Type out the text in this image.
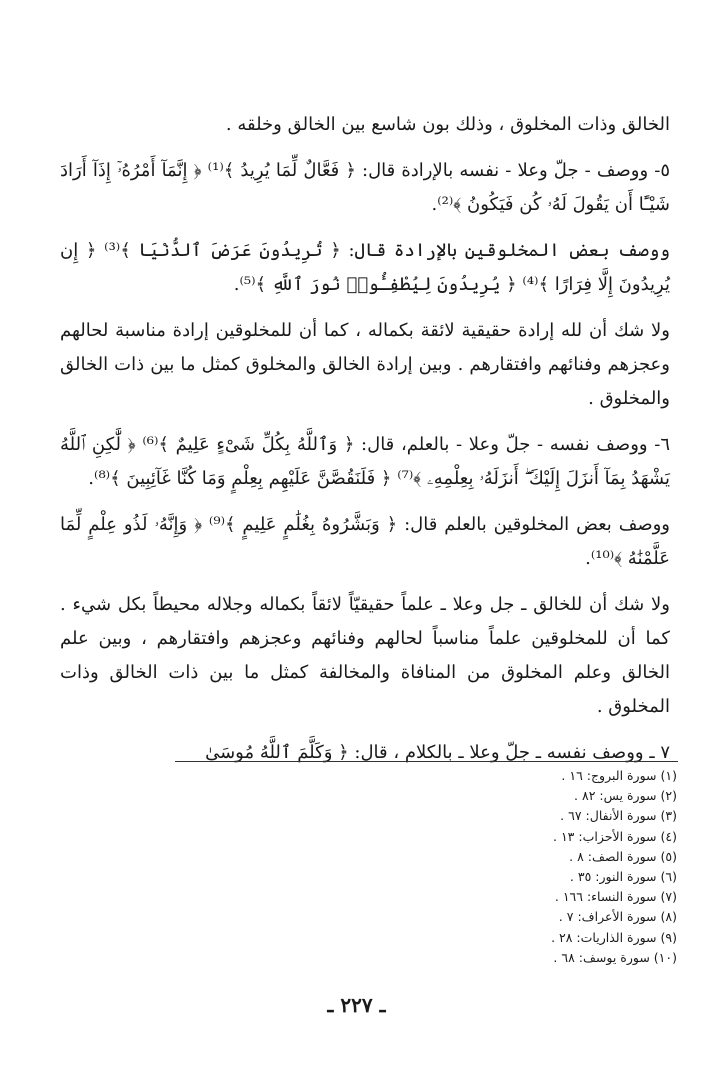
الخالق وذات المخلوق ، وذلك بون شاسع بين الخالق وخلقه .

٥- ووصف - جلّ وعلا - نفسه بالإرادة قال: ﴿ فَعَّالٌ لِّمَا يُرِيدُ ﴾⁽¹⁾ ﴿ إِنَّمَآ أَمْرُهُۥٓ إِذَآ أَرَادَ شَيْـًٔا أَن يَقُولَ لَهُۥ كُن فَيَكُونُ ﴾⁽²⁾.

ووصف بعض المخلوقين بالإرادة قال: ﴿ تُرِيدُونَ عَرَضَ ٱلدُّنْيَا ﴾⁽³⁾ ﴿ إِن يُرِيدُونَ إِلَّا فِرَارًا ﴾⁽⁴⁾ ﴿ يُرِيدُونَ لِيُطْفِـُٔوا۟ نُورَ ٱللَّهِ ﴾⁽⁵⁾.

ولا شك أن لله إرادة حقيقية لائقة بكماله ، كما أن للمخلوقين إرادة مناسبة لحالهم وعجزهم وفنائهم وافتقارهم . وبين إرادة الخالق والمخلوق كمثل ما بين ذات الخالق والمخلوق .

٦- ووصف نفسه - جلّ وعلا - بالعلم، قال: ﴿ وَٱللَّهُ بِكُلِّ شَىْءٍ عَلِيمٌ ﴾⁽⁶⁾ ﴿ لَّٰكِنِ ٱللَّهُ يَشْهَدُ بِمَآ أَنزَلَ إِلَيْكَ ۖ أَنزَلَهُۥ بِعِلْمِهِۦ ﴾⁽⁷⁾ ﴿ فَلَنَقُصَّنَّ عَلَيْهِم بِعِلْمٍ وَمَا كُنَّا غَآئِبِينَ ﴾⁽⁸⁾.

ووصف بعض المخلوقين بالعلم قال: ﴿ وَبَشَّرُوهُ بِغُلَٰمٍ عَلِيمٍ ﴾⁽⁹⁾ ﴿ وَإِنَّهُۥ لَذُو عِلْمٍ لِّمَا عَلَّمْنَٰهُ ﴾⁽¹⁰⁾.

ولا شك أن للخالق ـ جل وعلا ـ علماً حقيقيّاً لائقاً بكماله وجلاله محيطاً بكل شيء . كما أن للمخلوقين علماً مناسباً لحالهم وفنائهم وعجزهم وافتقارهم ، وبين علم الخالق وعلم المخلوق من المنافاة والمخالفة كمثل ما بين ذات الخالق وذات المخلوق .

٧ ـ ووصف نفسه ـ جلّ وعلا ـ بالكلام ، قال: ﴿ وَكَلَّمَ ٱللَّهُ مُوسَىٰ

(١) سورة البروج: ١٦ .
(٢) سورة يس: ٨٢ .
(٣) سورة الأنفال: ٦٧ .
(٤) سورة الأحزاب: ١٣ .
(٥) سورة الصف: ٨ .
(٦) سورة النور: ٣٥ .
(٧) سورة النساء: ١٦٦ .
(٨) سورة الأعراف: ٧ .
(٩) سورة الذاريات: ٢٨ .
(١٠) سورة يوسف: ٦٨ .
ـ ٢٢٧ ـ
